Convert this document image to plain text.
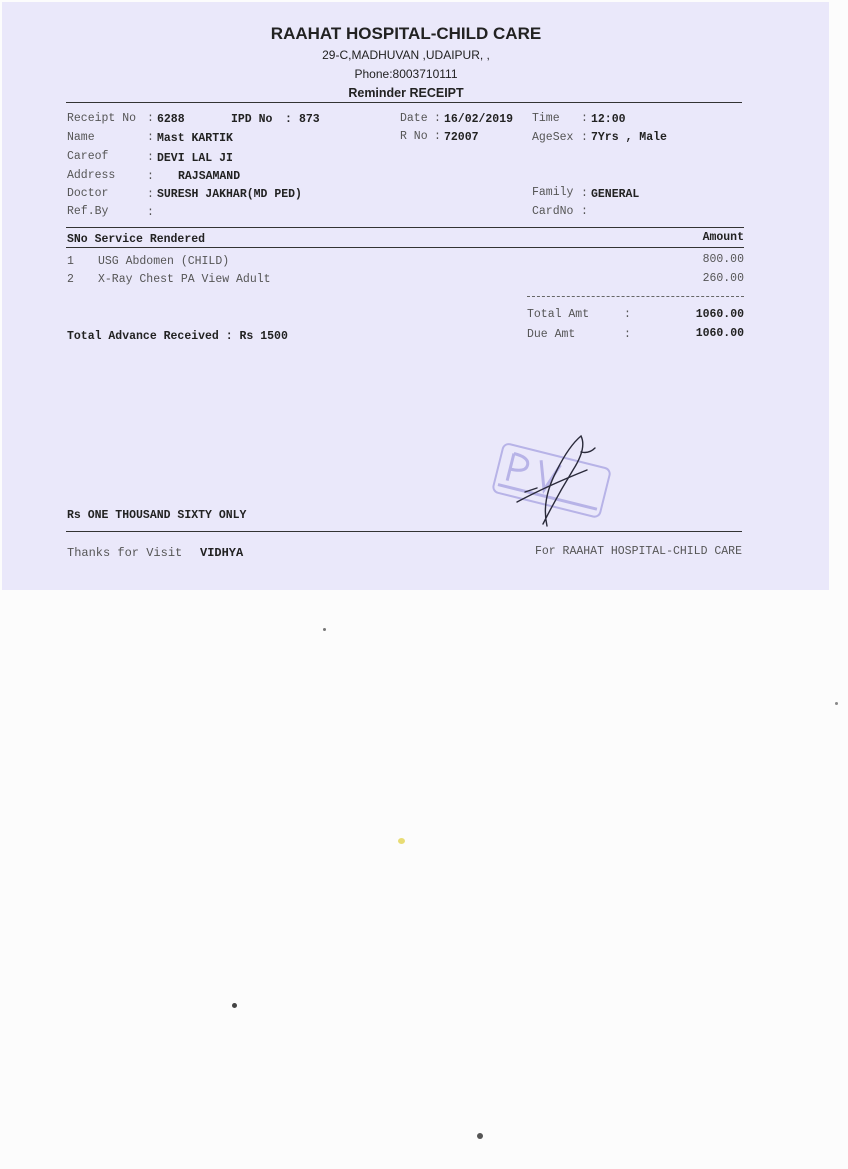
RAAHAT HOSPITAL-CHILD CARE
29-C,MADHUVAN ,UDAIPUR, ,
Phone:8003710111
Reminder RECEIPT
Receipt No : 6288	IPD No : 873	Date : 16/02/2019 Time : 12:00
Name	: Mast KARTIK	R No : 72007	AgeSex : 7Yrs , Male
Careof	: DEVI LAL JI
Address	: RAJSAMAND
Doctor	: SURESH JAKHAR(MD PED)	Family : GENERAL
Ref.By	:	CardNo :
SNo Service Rendered	Amount
1 USG Abdomen (CHILD)	800.00
2 X-Ray Chest PA View Adult	260.00
Total Amt	:	1060.00
Due Amt	:	1060.00
Total Advance Received : Rs 1500
Rs ONE THOUSAND SIXTY ONLY
Thanks for Visit VIDHYA	For RAAHAT HOSPITAL-CHILD CARE
